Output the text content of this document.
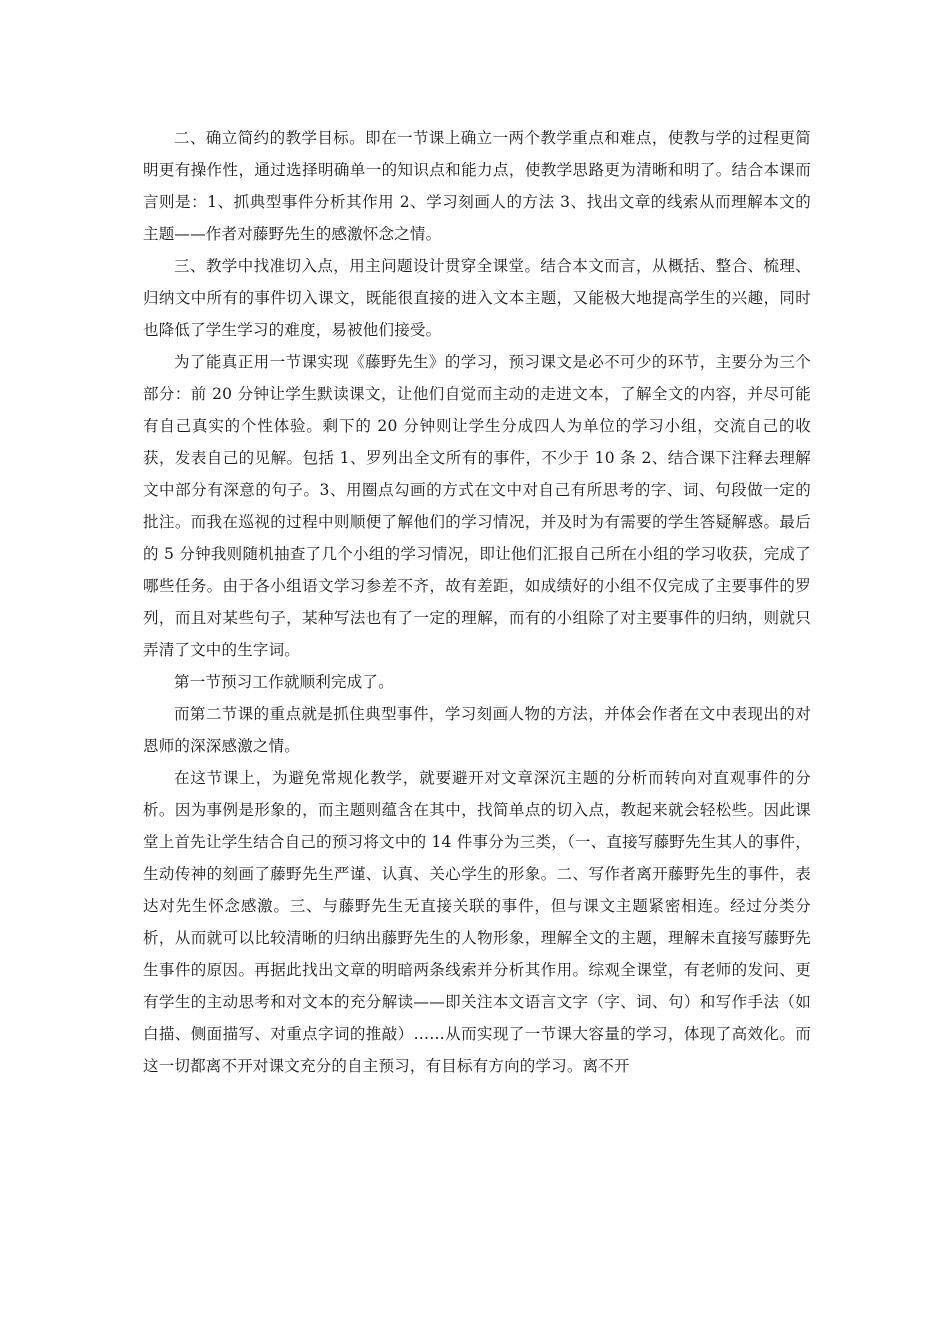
二、确立简约的教学目标。即在一节课上确立一两个教学重点和难点，使教与学的过程更简明更有操作性，通过选择明确单一的知识点和能力点，使教学思路更为清晰和明了。结合本课而言则是：1、抓典型事件分析其作用 2、学习刻画人的方法 3、找出文章的线索从而理解本文的主题——作者对藤野先生的感激怀念之情。

三、教学中找准切入点，用主问题设计贯穿全课堂。结合本文而言，从概括、整合、梳理、归纳文中所有的事件切入课文，既能很直接的进入文本主题，又能极大地提高学生的兴趣，同时也降低了学生学习的难度，易被他们接受。

为了能真正用一节课实现《藤野先生》的学习，预习课文是必不可少的环节，主要分为三个部分：前 20 分钟让学生默读课文，让他们自觉而主动的走进文本，了解全文的内容，并尽可能有自己真实的个性体验。剩下的 20 分钟则让学生分成四人为单位的学习小组，交流自己的收获，发表自己的见解。包括 1、罗列出全文所有的事件，不少于 10 条 2、结合课下注释去理解文中部分有深意的句子。3、用圈点勾画的方式在文中对自己有所思考的字、词、句段做一定的批注。而我在巡视的过程中则顺便了解他们的学习情况，并及时为有需要的学生答疑解惑。最后的 5 分钟我则随机抽查了几个小组的学习情况，即让他们汇报自己所在小组的学习收获，完成了哪些任务。由于各小组语文学习参差不齐，故有差距，如成绩好的小组不仅完成了主要事件的罗列，而且对某些句子，某种写法也有了一定的理解，而有的小组除了对主要事件的归纳，则就只弄清了文中的生字词。

第一节预习工作就顺利完成了。

而第二节课的重点就是抓住典型事件，学习刻画人物的方法，并体会作者在文中表现出的对恩师的深深感激之情。

在这节课上，为避免常规化教学，就要避开对文章深沉主题的分析而转向对直观事件的分析。因为事例是形象的，而主题则蕴含在其中，找简单点的切入点，教起来就会轻松些。因此课堂上首先让学生结合自己的预习将文中的 14 件事分为三类，（一、直接写藤野先生其人的事件，生动传神的刻画了藤野先生严谨、认真、关心学生的形象。二、写作者离开藤野先生的事件，表达对先生怀念感激。三、与藤野先生无直接关联的事件，但与课文主题紧密相连。经过分类分析，从而就可以比较清晰的归纳出藤野先生的人物形象，理解全文的主题，理解未直接写藤野先生事件的原因。再据此找出文章的明暗两条线索并分析其作用。综观全课堂，有老师的发问、更有学生的主动思考和对文本的充分解读——即关注本文语言文字（字、词、句）和写作手法（如白描、侧面描写、对重点字词的推敲）……从而实现了一节课大容量的学习，体现了高效化。而这一切都离不开对课文充分的自主预习，有目标有方向的学习。离不开
